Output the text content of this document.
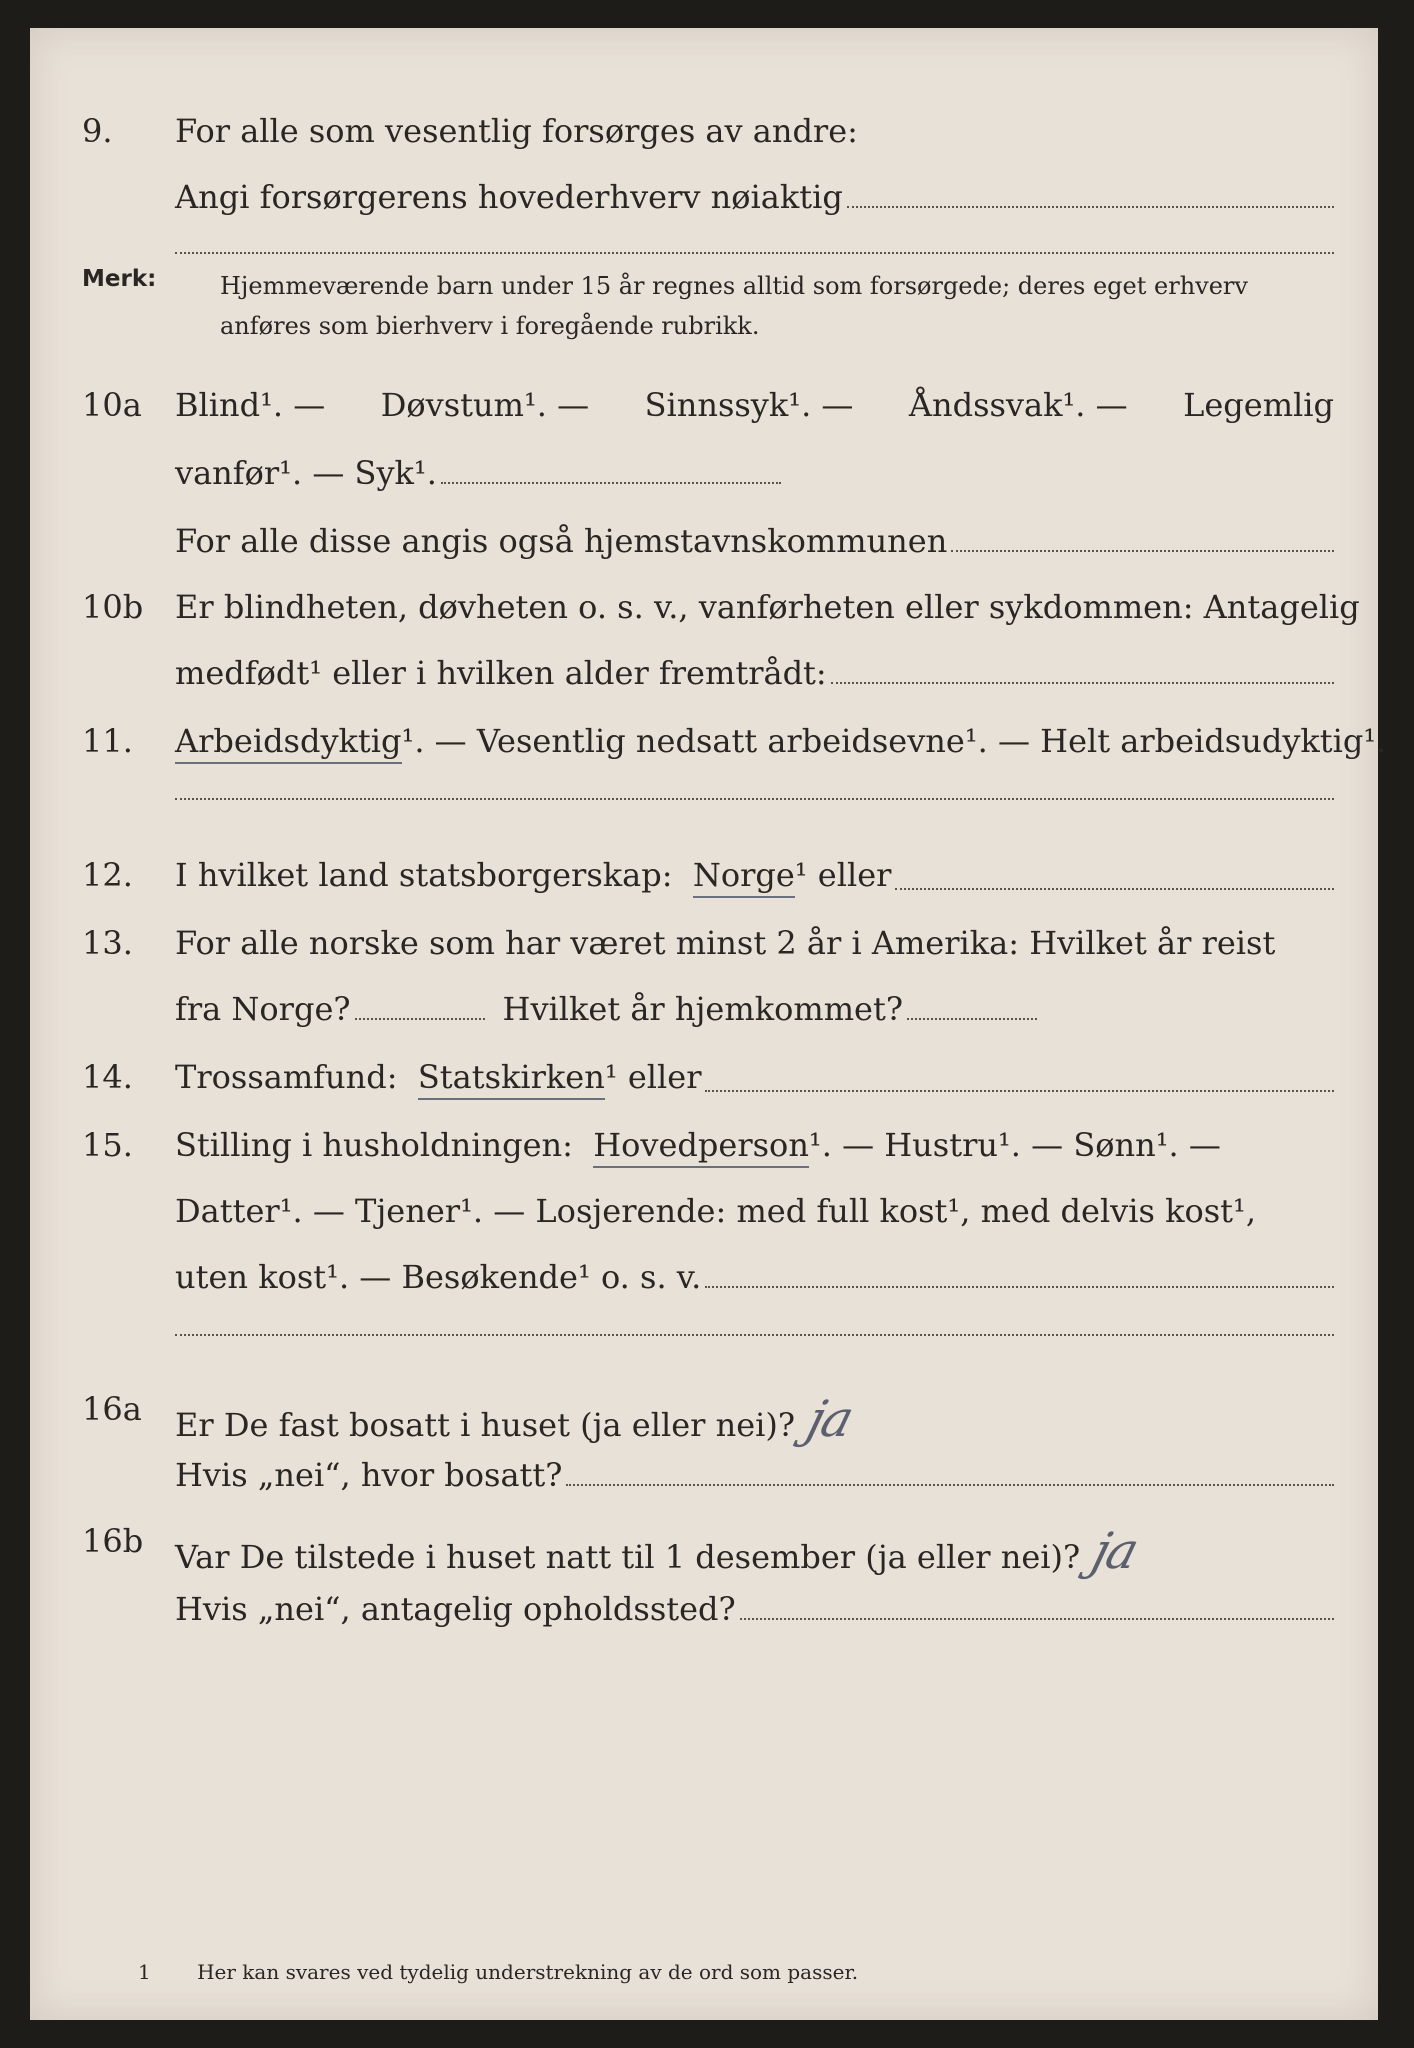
9. For alle som vesentlig forsørges av andre:
Angi forsørgerens hovederhverv nøiaktig
Merk:	Hjemmeværende barn under 15 år regnes alltid som forsørgede; deres eget erhverv anføres som bierhverv i foregående rubrikk.
10a Blind¹. — Døvstum¹. — Sinnssyk¹. — Åndssvak¹. — Legemlig
vanfør¹. — Syk¹.
For alle disse angis også hjemstavnskommunen
10b Er blindheten, døvheten o. s. v., vanførheten eller sykdommen: Antagelig
medfødt¹ eller i hvilken alder fremtrådt:
11. Arbeidsdyktig ¹. — Vesentlig nedsatt arbeidsevne¹. — Helt arbeidsudyktig¹.
12. I hvilket land statsborgerskap:
Norge ¹ eller
13. For alle norske som har været minst 2 år i Amerika: Hvilket år reist
fra Norge?	Hvilket år hjemkommet?
14. Trossamfund:
Statskirken ¹ eller
15. Stilling i husholdningen:
Hovedperson ¹. — Hustru¹. — Sønn¹. —
Datter¹. — Tjener¹. — Losjerende: med full kost¹, med delvis kost¹,
uten kost¹. — Besøkende¹ o. s. v.
16a Er De fast bosatt i huset (ja eller nei)? ja
Hvis „nei“, hvor bosatt?
16b Var De tilstede i huset natt til 1 desember (ja eller nei)? ja
Hvis „nei“, antagelig opholdssted?
1 Her kan svares ved tydelig understrekning av de ord som passer.
